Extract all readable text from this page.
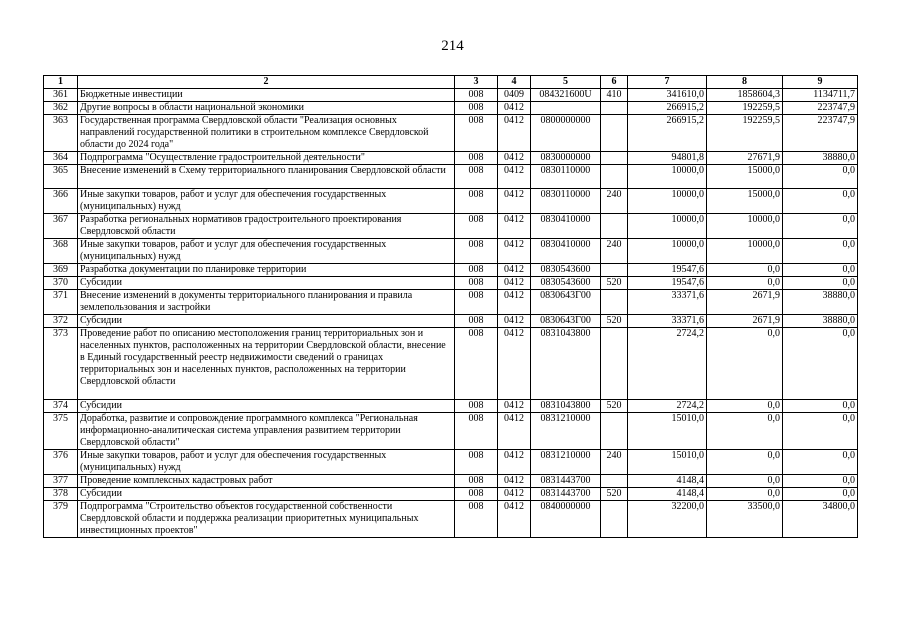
214
1	2	3	4	5	6	7	8	9
361	Бюджетные инвестиции	008	0409	084321600U	410	341610,0	1858604,3	1134711,7
362	Другие вопросы в области национальной экономики	008	0412			266915,2	192259,5	223747,9
363	Государственная программа Свердловской области "Реализация основных направлений государственной политики в строительном комплексе Свердловской области до 2024 года"	008	0412	0800000000		266915,2	192259,5	223747,9
364	Подпрограмма "Осуществление градостроительной деятельности"	008	0412	0830000000		94801,8	27671,9	38880,0
365	Внесение изменений в Схему территориального планирования Свердловской области	008	0412	0830110000		10000,0	15000,0	0,0
366	Иные закупки товаров, работ и услуг для обеспечения государственных (муниципальных) нужд	008	0412	0830110000	240	10000,0	15000,0	0,0
367	Разработка региональных нормативов градостроительного проектирования Свердловской области	008	0412	0830410000		10000,0	10000,0	0,0
368	Иные закупки товаров, работ и услуг для обеспечения государственных (муниципальных) нужд	008	0412	0830410000	240	10000,0	10000,0	0,0
369	Разработка документации по планировке территории	008	0412	0830543600		19547,6	0,0	0,0
370	Субсидии	008	0412	0830543600	520	19547,6	0,0	0,0
371	Внесение изменений в документы территориального планирования и правила землепользования и застройки	008	0412	0830643Г00		33371,6	2671,9	38880,0
372	Субсидии	008	0412	0830643Г00	520	33371,6	2671,9	38880,0
373	Проведение работ по описанию местоположения границ территориальных зон и населенных пунктов, расположенных на территории Свердловской области, внесение в Единый государственный реестр недвижимости сведений о границах территориальных зон и населенных пунктов, расположенных на территории Свердловской области	008	0412	0831043800		2724,2	0,0	0,0
374	Субсидии	008	0412	0831043800	520	2724,2	0,0	0,0
375	Доработка, развитие и сопровождение программного комплекса "Региональная информационно-аналитическая система управления развитием территории Свердловской области"	008	0412	0831210000		15010,0	0,0	0,0
376	Иные закупки товаров, работ и услуг для обеспечения государственных (муниципальных) нужд	008	0412	0831210000	240	15010,0	0,0	0,0
377	Проведение комплексных кадастровых работ	008	0412	0831443700		4148,4	0,0	0,0
378	Субсидии	008	0412	0831443700	520	4148,4	0,0	0,0
379	Подпрограмма "Строительство объектов государственной собственности Свердловской области и поддержка реализации приоритетных муниципальных инвестиционных проектов"	008	0412	0840000000		32200,0	33500,0	34800,0
